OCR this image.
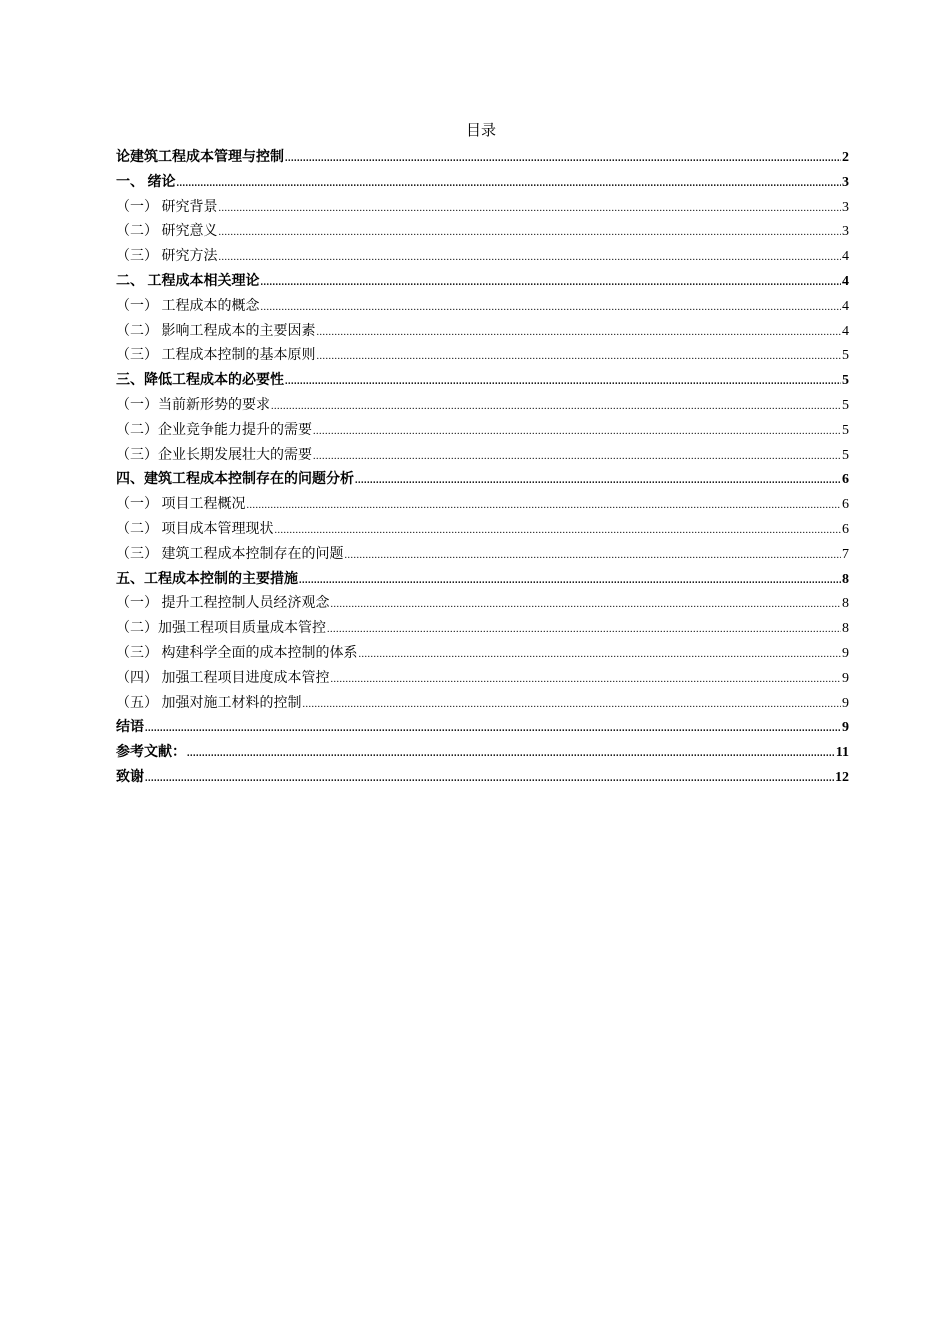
目录
论建筑工程成本管理与控制 .....	2
一、 绪论 .....	3
（一） 研究背景 .....	3
（二） 研究意义 .....	3
（三） 研究方法 .....	4
二、 工程成本相关理论 .....	4
（一） 工程成本的概念 .....	4
（二） 影响工程成本的主要因素 .....	4
（三） 工程成本控制的基本原则 .....	5
三、降低工程成本的必要性 .....	5
（一）当前新形势的要求 .....	5
（二）企业竞争能力提升的需要 .....	5
（三）企业长期发展壮大的需要 .....	5
四、建筑工程成本控制存在的问题分析 .....	6
（一） 项目工程概况 .....	6
（二） 项目成本管理现状 .....	6
（三） 建筑工程成本控制存在的问题 .....	7
五、工程成本控制的主要措施 .....	8
（一） 提升工程控制人员经济观念 .....	8
（二）加强工程项目质量成本管控 .....	8
（三） 构建科学全面的成本控制的体系 .....	9
（四） 加强工程项目进度成本管控 .....	9
（五） 加强对施工材料的控制 .....	9
结语 .....	9
参考文献： .....	11
致谢 .....	12
